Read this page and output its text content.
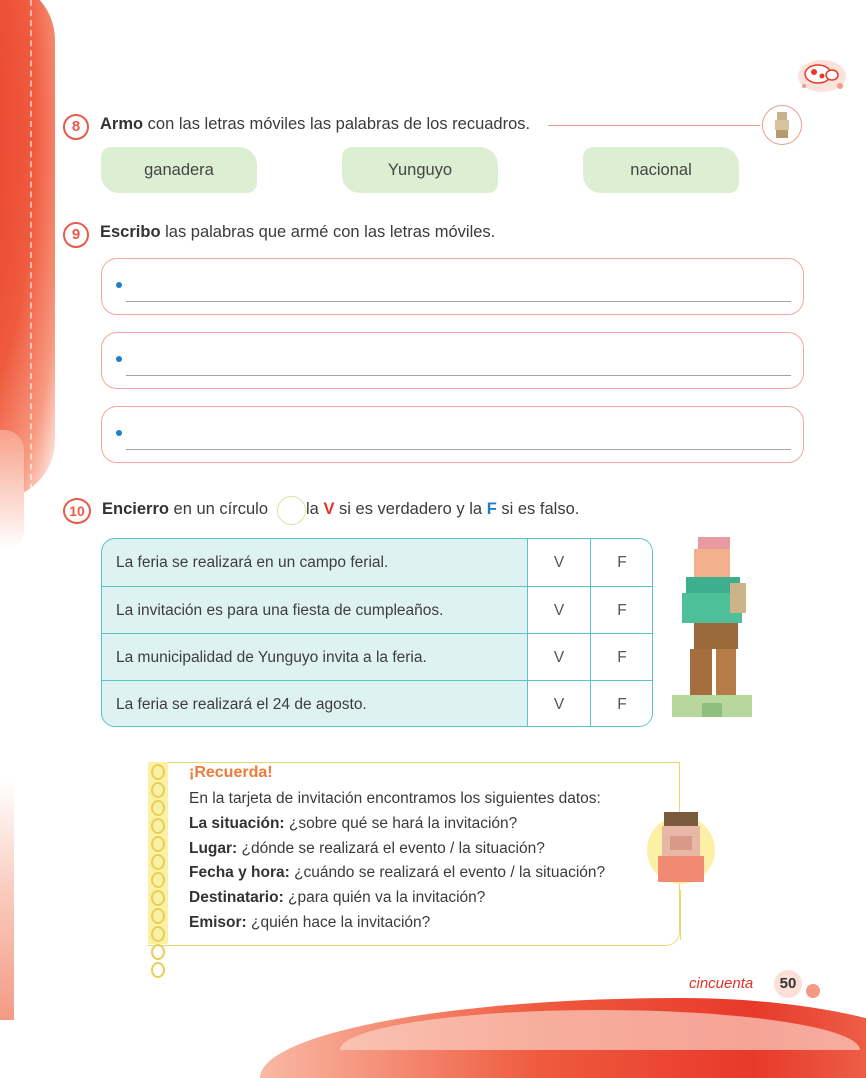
8	Armo con las letras móviles las palabras de los recuadros.
ganadera	Yunguyo	nacional
9	Escribo las palabras que armé con las letras móviles.
10	Encierro en un círculo la V si es verdadero y la F si es falso.
La feria se realizará en un campo ferial.	V	F
La invitación es para una fiesta de cumpleaños.	V	F
La municipalidad de Yunguyo invita a la feria.	V	F
La feria se realizará el 24 de agosto.	V	F
¡Recuerda!
En la tarjeta de invitación encontramos los siguientes datos:
La situación: ¿sobre qué se hará la invitación?
Lugar: ¿dónde se realizará el evento / la situación?
Fecha y hora: ¿cuándo se realizará el evento / la situación?
Destinatario: ¿para quién va la invitación?
Emisor: ¿quién hace la invitación?
cincuenta	50
